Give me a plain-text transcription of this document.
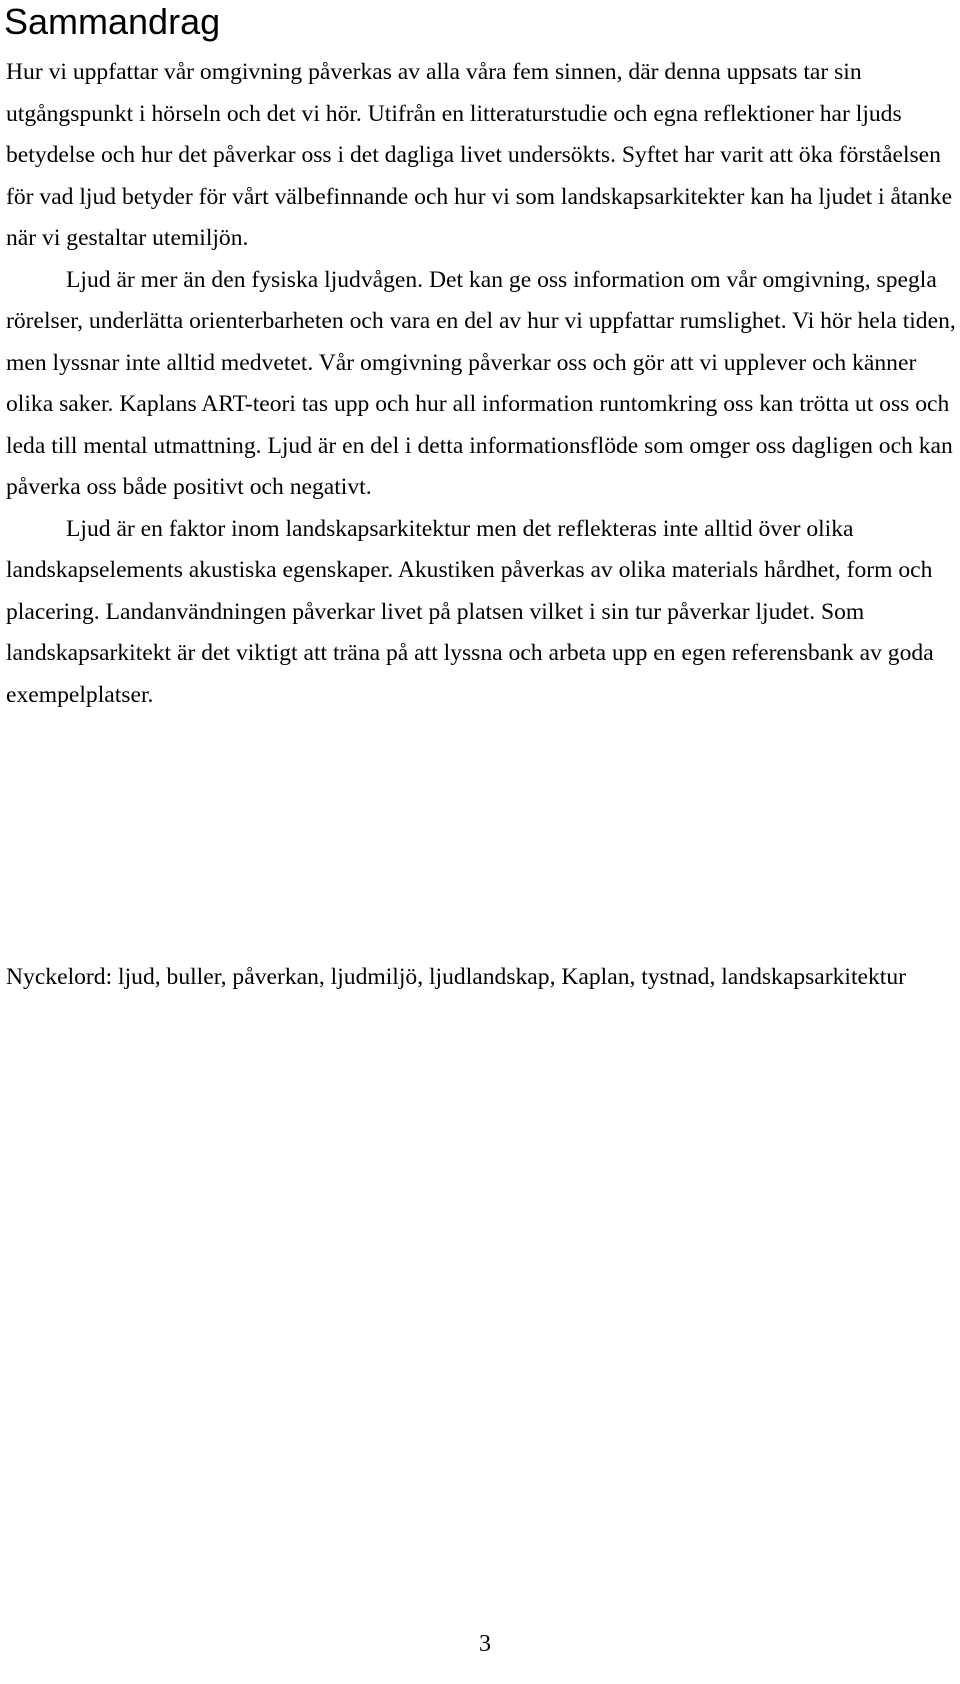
Sammandrag

Hur vi uppfattar vår omgivning påverkas av alla våra fem sinnen, där denna uppsats tar sin utgångspunkt i hörseln och det vi hör. Utifrån en litteraturstudie och egna reflektioner har ljuds betydelse och hur det påverkar oss i det dagliga livet undersökts. Syftet har varit att öka förståelsen för vad ljud betyder för vårt välbefinnande och hur vi som landskapsarkitekter kan ha ljudet i åtanke när vi gestaltar utemiljön.

Ljud är mer än den fysiska ljudvågen. Det kan ge oss information om vår omgivning, spegla rörelser, underlätta orienterbarheten och vara en del av hur vi uppfattar rumslighet. Vi hör hela tiden, men lyssnar inte alltid medvetet. Vår omgivning påverkar oss och gör att vi upplever och känner olika saker. Kaplans ART-teori tas upp och hur all information runtomkring oss kan trötta ut oss och leda till mental utmattning. Ljud är en del i detta informationsflöde som omger oss dagligen och kan påverka oss både positivt och negativt.

Ljud är en faktor inom landskapsarkitektur men det reflekteras inte alltid över olika landskapselements akustiska egenskaper. Akustiken påverkas av olika materials hårdhet, form och placering. Landanvändningen påverkar livet på platsen vilket i sin tur påverkar ljudet. Som landskapsarkitekt är det viktigt att träna på att lyssna och arbeta upp en egen referensbank av goda exempelplatser.

Nyckelord: ljud, buller, påverkan, ljudmiljö, ljudlandskap, Kaplan, tystnad, landskapsarkitektur

3
